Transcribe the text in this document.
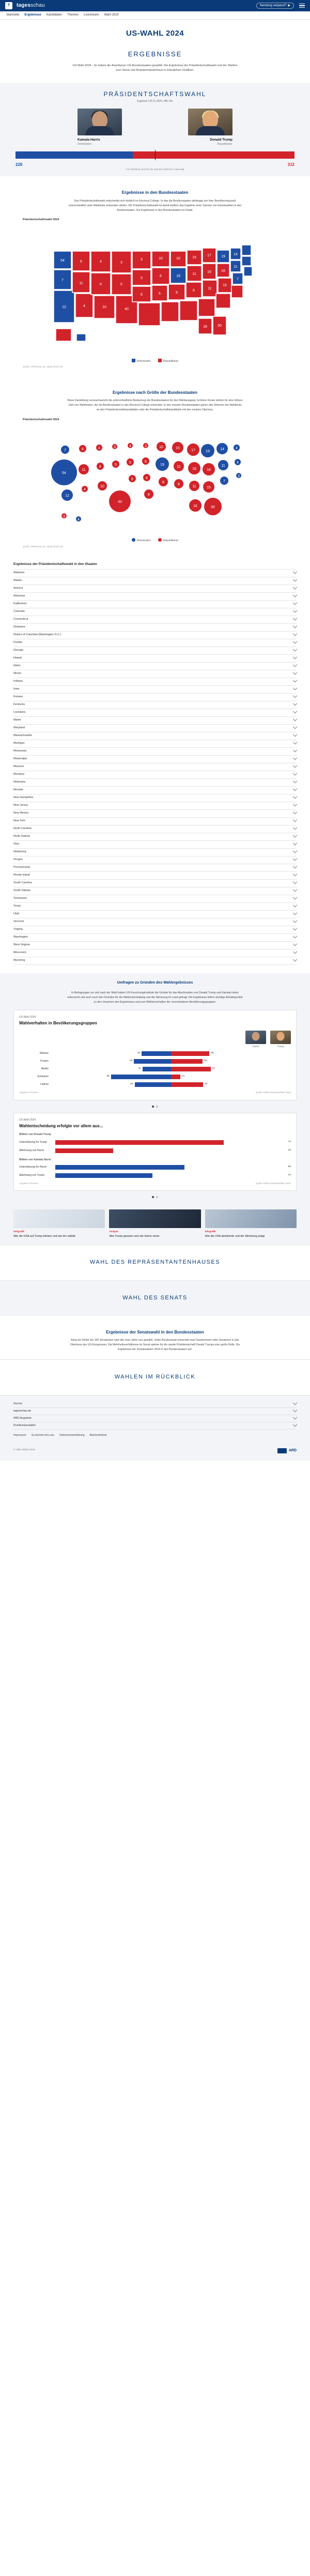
T tagesschau	Sendung verpasst? ▶
Startseite Ergebnisse Kandidaten Themen Livestream Wahl 2020
US-WAHL 2024
ERGEBNISSE
US-Wahl 2024 - So haben die Amerikaner US-Bundesstaaten gewählt: Die Ergebnisse der Präsidentschaftswahl und der Wahlen zum Senat und Repräsentantenhaus in interaktiven Grafiken.
PRÄSIDENTSCHAFTSWAHL
Ergebnis | 05.11.2024, 08h Uhr
Kamala Harris
Demokraten
Donald Trump
Republikaner
226	312
270 Wahlleute sind für die absolute Mehrheit notwendig
Ergebnisse in den Bundesstaaten

Das Präsidentschaftswahl entscheidet sich letztlich im Electoral College. In das die Bundesstaaten abhängig von ihrer Bevölkerungszahl unterschiedlich viele Wahlleute entsenden dürfen. Die Präsidentschaftswahl ist damit letztlich das Ergebnis einer Summe von Einzelwahlen in den Bundesstaaten. Die Ergebnisse in den Bundesstaaten im Detail:

Präsidentschaftswahl 2024
54
7
12
6
11
4
4
6
10
3
5
40
3
5
6
10
6
6
10
19
8
15
11
8
17
16
11
19
16
15
14
11
7
16	30
Demokraten	Republikaner
Quelle: AP/Election.sh. Stand 00:00 Uhr
Ergebnisse nach Größe der Bundesstaaten

Diese Darstellung veranschaulicht die unterschiedliche Bedeutung der Bundesstaaten für den Wahlausgang: Größere Kreise stehen für eine höhere Zahl von Wahlleuten, die ein Bundesstaaten in das Electoral College entsendet. In den meisten Bundesstaaten gehen alle Stimmen der Wahlleute an den Präsidentschaftskandidaten oder die Präsidentschaftskandidatin mit den meisten Stimmen.

Präsidentschaftswahl 2024
54
7
12
6
11
4
4
6
10
3
5
40
3
5
6
3
6
6
8
10
19
8
15
11
8
17
16
11
19
16
15
14
11
7
4
4
3
16	30
3
4
Demokraten	Republikaner
Quelle: AP/Election.sh. Stand 00:00 Uhr
Ergebnisse der Präsidentschaftswahl in den Staaten
Alabama
Alaska
Arizona
Arkansas
Kalifornien
Colorado
Connecticut
Delaware
District of Columbia (Washington D.C.)
Florida
Georgia
Hawaii
Idaho
Illinois
Indiana
Iowa
Kansas
Kentucky
Louisiana
Maine
Maryland
Massachusetts
Michigan
Minnesota
Mississippi
Missouri
Montana
Nebraska
Nevada
New Hampshire
New Jersey
New Mexico
New York
North Carolina
North Dakota
Ohio
Oklahoma
Oregon
Pennsylvania
Rhode Island
South Carolina
South Dakota
Tennessee
Texas
Utah
Vermont
Virginia
Washington
West Virginia
Wisconsin
Wyoming
Umfragen zu Gründen des Wahlergebnisses

In Befragungen vor und nach der Wahl haben US-Forschungsinstitute die Gründe für das Abschneiden von Donald Trump und Kamala Harris untersucht und auch nach den Gründen für die Wahlentscheidung und die Stimmung im Land gefragt. Die Ergebnisse liefern wichtige Anhaltspunkte zu den Ursachen des Ergebnisses und zum Wählerverhalten der verschiedenen Bevölkerungsgruppen.

US-Wahl 2024
Wahlverhalten in Bevölkerungsgruppen
Harris	Trump
Männer	42	55
Frauen	53	45
Weiße	41	57
Schwarze	86	13
Latinos	52	46
Angaben in Prozent	Quelle: Edison Research/NBC News
US-Wahl 2024
Wahlentscheidung erfolgte vor allem aus...
Wähler von Donald Trump
Unterstützung für Trump	73
Ablehnung von Harris	25
Wähler von Kamala Harris
Unterstützung für Harris	56
Ablehnung von Trump	42
Angaben in Prozent	Quelle: Edison Research/NBC News
Infografik
Wie die USA auf Trump blicken und wie ihn wählte
Analyse
Wie Trump gewann und wie Harris verlor
Infografik
Wie die USA abstimmte und die Stimmung prägt
WAHL DES REPRÄSENTANTENHAUSES
WAHL DES SENATS
Ergebnisse der Senatswahl in den Bundesstaaten

Etwa ein Drittel der 100 Senatssitze wird alle zwei Jahre neu gewählt. Jeder Bundesstaat entsendet zwei Senatorinnen oder Senatoren in das Oberhaus des US-Kongresses. Die Mehrheitsverhältnisse im Senat spielen für die zweite Präsidentschaft Donald Trumps eine große Rolle. Die Ergebnisse der Senatswahlen 2024 in den Bundesstaaten auf:

WAHLEN IM RÜCKBLICK
Service
tagesschau.de
ARD-Angebote
Rundfunkanstalten
Impressum Su teichten fürs uns Datenschutzerklärung Barrierefreiheit
© ARD Online 2024	ARD
